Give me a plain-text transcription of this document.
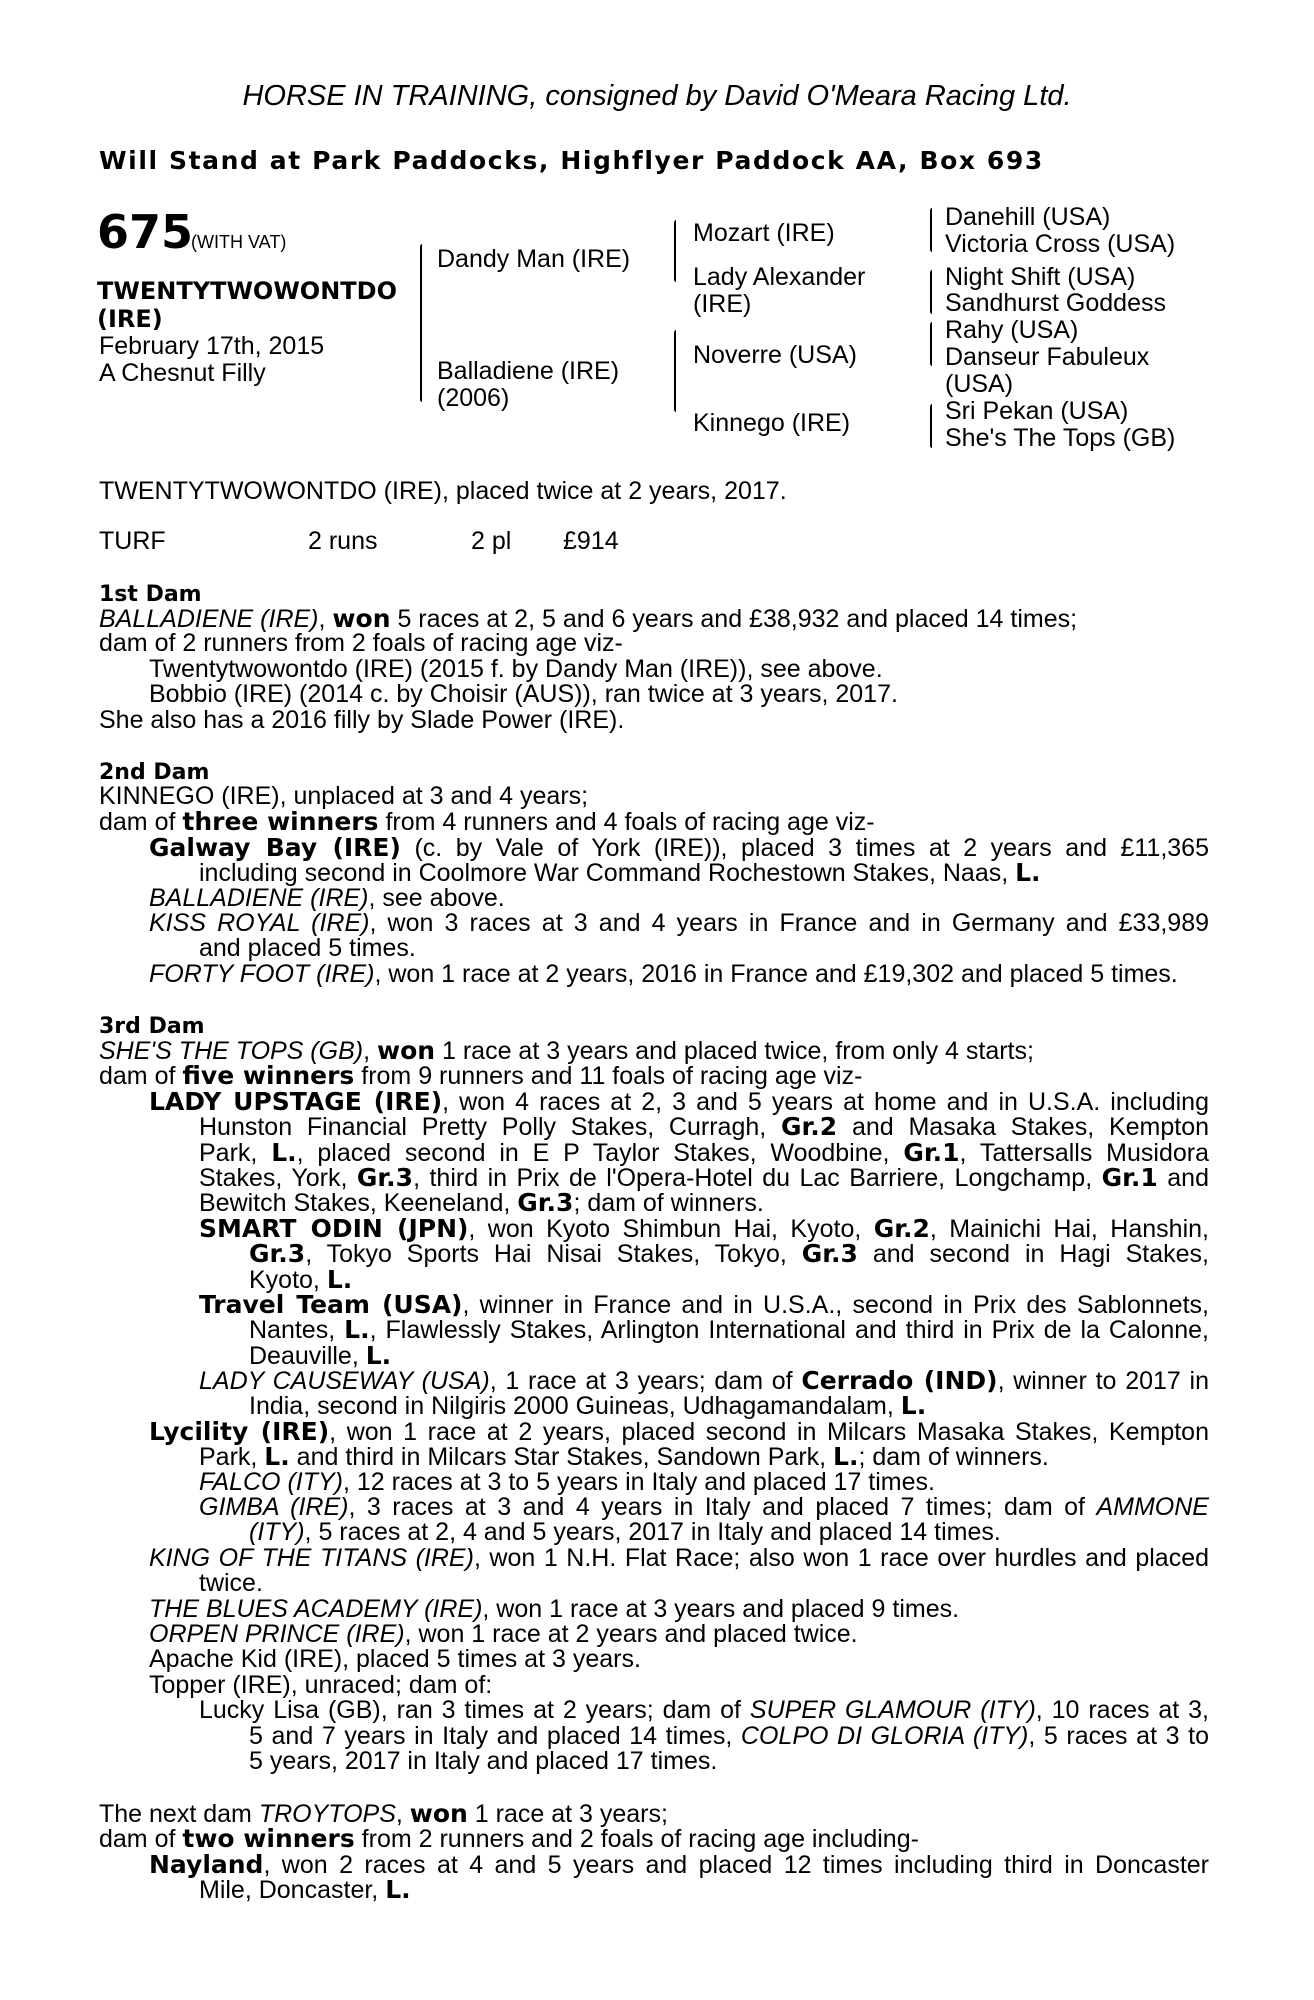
HORSE IN TRAINING, consigned by David O'Meara Racing Ltd.
Will Stand at Park Paddocks, Highflyer Paddock AA, Box 693
675
(WITH VAT)
TWENTYTWOWONTDO (IRE)
February 17th, 2015
A Chesnut Filly
Dandy Man (IRE)
Balladiene (IRE) (2006)
Mozart (IRE)
Lady Alexander (IRE)
Noverre (USA)
Kinnego (IRE)
Danehill (USA)
Victoria Cross (USA)
Night Shift (USA)
Sandhurst Goddess
Rahy (USA)
Danseur Fabuleux (USA)
Sri Pekan (USA)
She's The Tops (GB)
TWENTYTWOWONTDO (IRE), placed twice at 2 years, 2017.
TURF	2 runs	2 pl £914
1st Dam
BALLADIENE (IRE), won 5 races at 2, 5 and 6 years and £38,932 and placed 14 times;
dam of 2 runners from 2 foals of racing age viz-
Twentytwowontdo (IRE) (2015 f. by Dandy Man (IRE)), see above.
Bobbio (IRE) (2014 c. by Choisir (AUS)), ran twice at 3 years, 2017.
She also has a 2016 filly by Slade Power (IRE).
2nd Dam
KINNEGO (IRE), unplaced at 3 and 4 years;
dam of three winners from 4 runners and 4 foals of racing age viz-
Galway Bay (IRE) (c. by Vale of York (IRE)), placed 3 times at 2 years and £11,365
including second in Coolmore War Command Rochestown Stakes, Naas, L.
BALLADIENE (IRE), see above.
KISS ROYAL (IRE), won 3 races at 3 and 4 years in France and in Germany and £33,989
and placed 5 times.
FORTY FOOT (IRE), won 1 race at 2 years, 2016 in France and £19,302 and placed 5 times.
3rd Dam
SHE'S THE TOPS (GB), won 1 race at 3 years and placed twice, from only 4 starts;
dam of five winners from 9 runners and 11 foals of racing age viz-
LADY UPSTAGE (IRE), won 4 races at 2, 3 and 5 years at home and in U.S.A. including
Hunston Financial Pretty Polly Stakes, Curragh, Gr.2 and Masaka Stakes, Kempton
Park, L., placed second in E P Taylor Stakes, Woodbine, Gr.1, Tattersalls Musidora
Stakes, York, Gr.3, third in Prix de l'Opera-Hotel du Lac Barriere, Longchamp, Gr.1 and
Bewitch Stakes, Keeneland, Gr.3; dam of winners.
SMART ODIN (JPN), won Kyoto Shimbun Hai, Kyoto, Gr.2, Mainichi Hai, Hanshin,
Gr.3, Tokyo Sports Hai Nisai Stakes, Tokyo, Gr.3 and second in Hagi Stakes,
Kyoto, L.
Travel Team (USA), winner in France and in U.S.A., second in Prix des Sablonnets,
Nantes, L., Flawlessly Stakes, Arlington International and third in Prix de la Calonne,
Deauville, L.
LADY CAUSEWAY (USA), 1 race at 3 years; dam of Cerrado (IND), winner to 2017 in
India, second in Nilgiris 2000 Guineas, Udhagamandalam, L.
Lycility (IRE), won 1 race at 2 years, placed second in Milcars Masaka Stakes, Kempton
Park, L. and third in Milcars Star Stakes, Sandown Park, L.; dam of winners.
FALCO (ITY), 12 races at 3 to 5 years in Italy and placed 17 times.
GIMBA (IRE), 3 races at 3 and 4 years in Italy and placed 7 times; dam of AMMONE
(ITY), 5 races at 2, 4 and 5 years, 2017 in Italy and placed 14 times.
KING OF THE TITANS (IRE), won 1 N.H. Flat Race; also won 1 race over hurdles and placed
twice.
THE BLUES ACADEMY (IRE), won 1 race at 3 years and placed 9 times.
ORPEN PRINCE (IRE), won 1 race at 2 years and placed twice.
Apache Kid (IRE), placed 5 times at 3 years.
Topper (IRE), unraced; dam of:
Lucky Lisa (GB), ran 3 times at 2 years; dam of SUPER GLAMOUR (ITY), 10 races at 3,
5 and 7 years in Italy and placed 14 times, COLPO DI GLORIA (ITY), 5 races at 3 to
5 years, 2017 in Italy and placed 17 times.
The next dam TROYTOPS, won 1 race at 3 years;
dam of two winners from 2 runners and 2 foals of racing age including-
Nayland, won 2 races at 4 and 5 years and placed 12 times including third in Doncaster
Mile, Doncaster, L.
